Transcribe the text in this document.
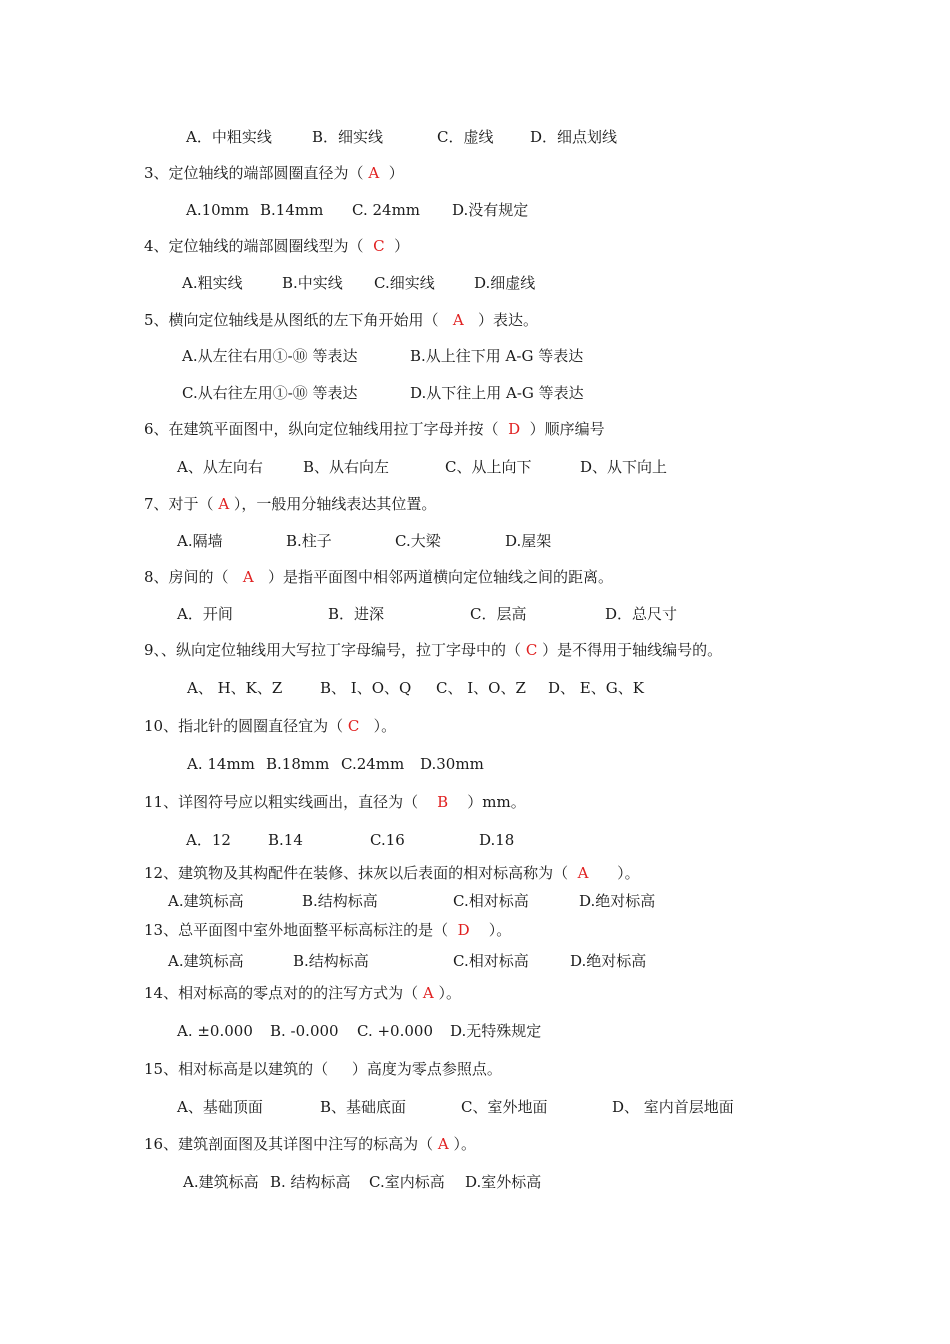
A．中粗实线	B．细实线	C．虚线 D．细点划线
3、定位轴线的端部圆圈直径为（ A  ）
A.10mm B.14mm C. 24mm D.没有规定
4、定位轴线的端部圆圈线型为（  C  ）
A.粗实线	B.中实线 C.细实线	D.细虚线
5、横向定位轴线是从图纸的左下角开始用（   A   ）表达。
A.从左往右用①-⑩ 等表达	B.从上往下用 A-G 等表达
C.从右往左用①-⑩ 等表达	D.从下往上用 A-G 等表达
6、在建筑平面图中，纵向定位轴线用拉丁字母并按（  D  ）顺序编号
A、从左向右	B、从右向左	C、从上向下	D、从下向上
7、对于（ A ），一般用分轴线表达其位置。
A.隔墙	B.柱子	C.大梁	D.屋架
8、房间的（   A   ）是指平面图中相邻两道横向定位轴线之间的距离。
A．开间	B．进深	C．层高	D．总尺寸
9、、纵向定位轴线用大写拉丁字母编号，拉丁字母中的（ C ）是不得用于轴线编号的。
A、 H、K、Z	B、 I、O、Q C、 I、O、Z D、 E、G、K
10、指北针的圆圈直径宜为（ C   ）。
A. 14mm B.18mm C.24mm D.30mm
11、详图符号应以粗实线画出，直径为（    B    ）mm。
A．12 B.14	C.16	D.18
12、建筑物及其构配件在装修、抹灰以后表面的相对标高称为（  A      ）。
A.建筑标高	B.结构标高	C.相对标高	D.绝对标高
13、总平面图中室外地面整平标高标注的是（  D    ）。
A.建筑标高	B.结构标高	C.相对标高	D.绝对标高
14、相对标高的零点对的的注写方式为（ A ）。
A. ±0.000 B. -0.000 C. +0.000 D.无特殊规定
15、相对标高是以建筑的（     ）高度为零点参照点。
A、基础顶面	B、基础底面	C、室外地面	D、 室内首层地面
16、建筑剖面图及其详图中注写的标高为（ A ）。
A.建筑标高 B. 结构标高 C.室内标高 D.室外标高
